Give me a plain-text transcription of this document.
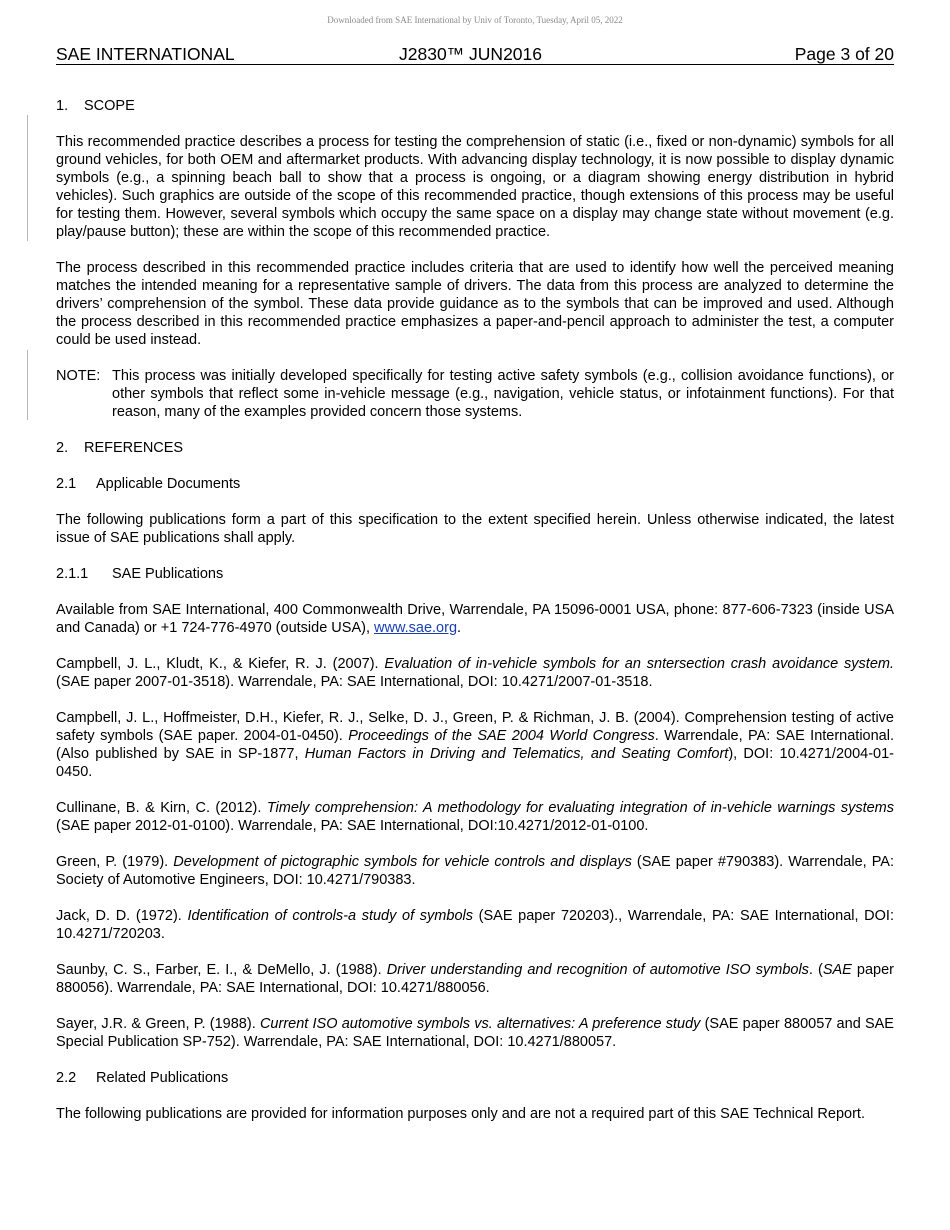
Downloaded from SAE International by Univ of Toronto, Tuesday, April 05, 2022
SAE INTERNATIONAL	J2830™ JUN2016	Page 3 of 20
1. SCOPE

This recommended practice describes a process for testing the comprehension of static (i.e., fixed or non-dynamic) symbols for all ground vehicles, for both OEM and aftermarket products. With advancing display technology, it is now possible to display dynamic symbols (e.g., a spinning beach ball to show that a process is ongoing, or a diagram showing energy distribution in hybrid vehicles). Such graphics are outside of the scope of this recommended practice, though extensions of this process may be useful for testing them. However, several symbols which occupy the same space on a display may change state without movement (e.g. play/pause button); these are within the scope of this recommended practice.

The process described in this recommended practice includes criteria that are used to identify how well the perceived meaning matches the intended meaning for a representative sample of drivers. The data from this process are analyzed to determine the drivers’ comprehension of the symbol. These data provide guidance as to the symbols that can be improved and used. Although the process described in this recommended practice emphasizes a paper-and-pencil approach to administer the test, a computer could be used instead.

NOTE: This process was initially developed specifically for testing active safety symbols (e.g., collision avoidance functions), or other symbols that reflect some in-vehicle message (e.g., navigation, vehicle status, or infotainment functions). For that reason, many of the examples provided concern those systems.
2. REFERENCES
2.1 Applicable Documents

The following publications form a part of this specification to the extent specified herein. Unless otherwise indicated, the latest issue of SAE publications shall apply.

2.1.1 SAE Publications

Available from SAE International, 400 Commonwealth Drive, Warrendale, PA 15096-0001 USA, phone: 877-606-7323 (inside USA and Canada) or +1 724-776-4970 (outside USA), www.sae.org.

Campbell, J. L., Kludt, K., & Kiefer, R. J. (2007). Evaluation of in-vehicle symbols for an sntersection crash avoidance system. (SAE paper 2007-01-3518). Warrendale, PA: SAE International, DOI: 10.4271/2007-01-3518.

Campbell, J. L., Hoffmeister, D.H., Kiefer, R. J., Selke, D. J., Green, P. & Richman, J. B. (2004). Comprehension testing of active safety symbols (SAE paper. 2004-01-0450). Proceedings of the SAE 2004 World Congress. Warrendale, PA: SAE International. (Also published by SAE in SP-1877, Human Factors in Driving and Telematics, and Seating Comfort), DOI: 10.4271/2004-01-0450.

Cullinane, B. & Kirn, C. (2012). Timely comprehension: A methodology for evaluating integration of in-vehicle warnings systems (SAE paper 2012-01-0100). Warrendale, PA: SAE International, DOI:10.4271/2012-01-0100.

Green, P. (1979). Development of pictographic symbols for vehicle controls and displays (SAE paper #790383). Warrendale, PA: Society of Automotive Engineers, DOI: 10.4271/790383.

Jack, D. D. (1972). Identification of controls-a study of symbols (SAE paper 720203)., Warrendale, PA: SAE International, DOI: 10.4271/720203.

Saunby, C. S., Farber, E. I., & DeMello, J. (1988). Driver understanding and recognition of automotive ISO symbols. (SAE paper 880056). Warrendale, PA: SAE International, DOI: 10.4271/880056.

Sayer, J.R. & Green, P. (1988). Current ISO automotive symbols vs. alternatives: A preference study (SAE paper 880057 and SAE Special Publication SP-752). Warrendale, PA: SAE International, DOI: 10.4271/880057.

2.2 Related Publications

The following publications are provided for information purposes only and are not a required part of this SAE Technical Report.
